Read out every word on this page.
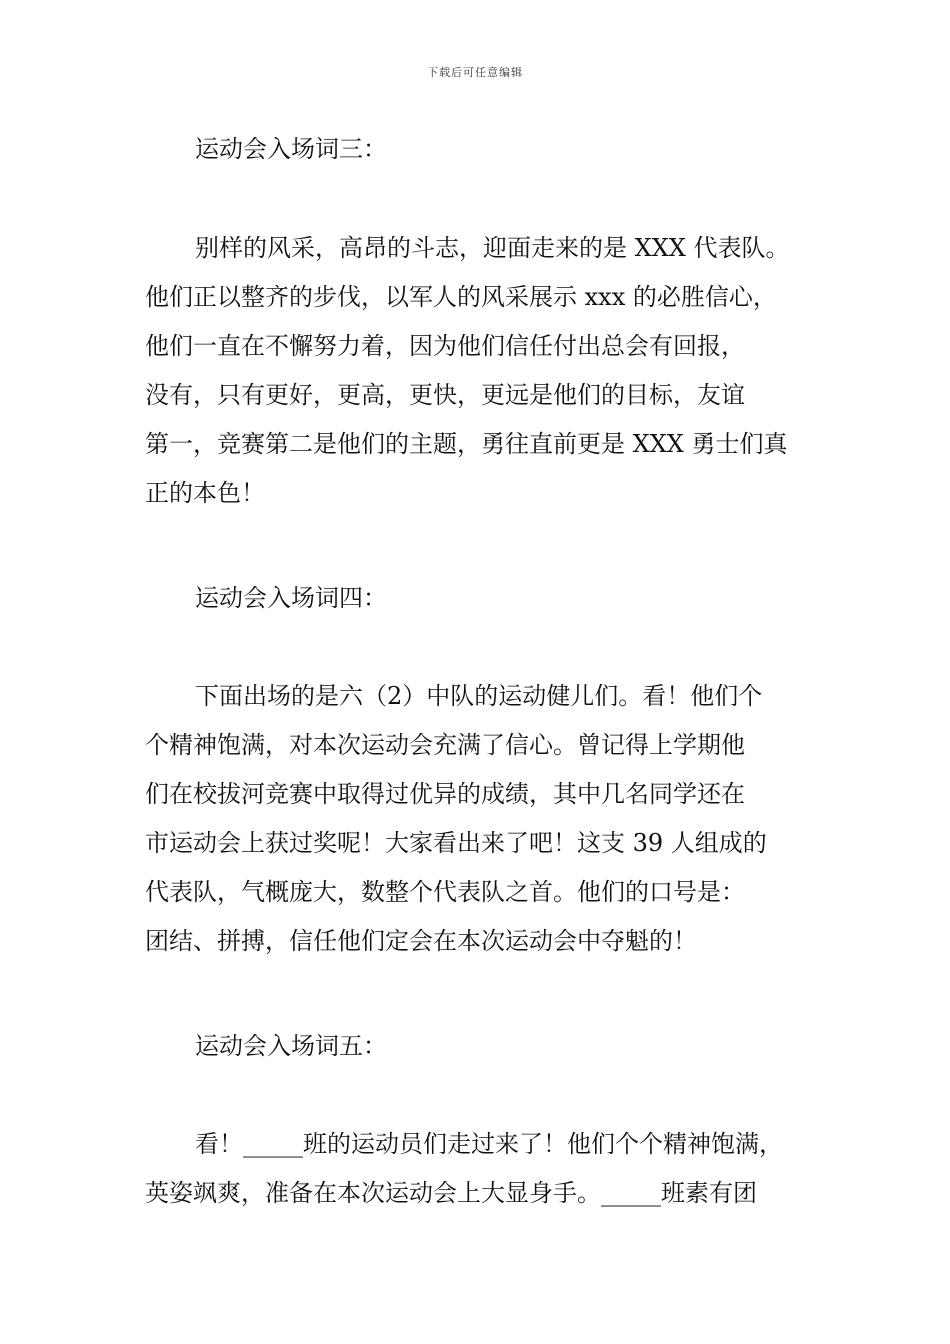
下载后可任意编辑
运动会入场词三：
别样的风采，高昂的斗志，迎面走来的是 XXX 代表队。
他们正以整齐的步伐，以军人的风采展示 xxx 的必胜信心，
他们一直在不懈努力着，因为他们信任付出总会有回报，
没有，只有更好，更高，更快，更远是他们的目标，友谊
第一，竞赛第二是他们的主题，勇往直前更是 XXX 勇士们真
正的本色！
运动会入场词四：
下面出场的是六（2）中队的运动健儿们。看！他们个
个精神饱满，对本次运动会充满了信心。曾记得上学期他
们在校拔河竞赛中取得过优异的成绩，其中几名同学还在
市运动会上获过奖呢！大家看出来了吧！这支 39 人组成的
代表队，气概庞大，数整个代表队之首。他们的口号是：
团结、拼搏，信任他们定会在本次运动会中夺魁的！
运动会入场词五：
看！_____班的运动员们走过来了！他们个个精神饱满，
英姿飒爽，准备在本次运动会上大显身手。_____班素有团
